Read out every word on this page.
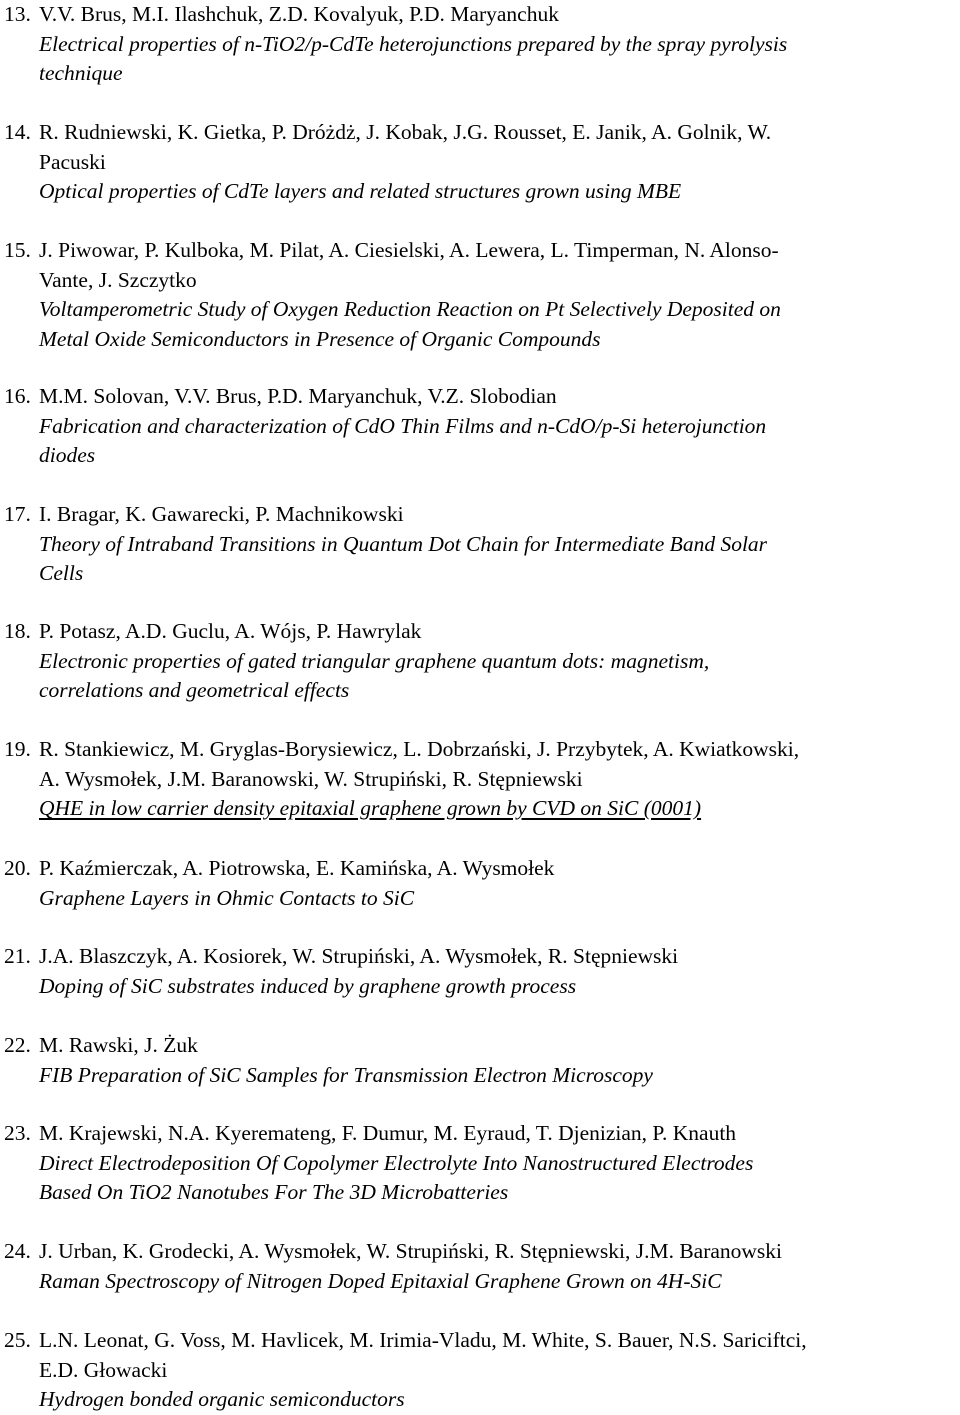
13. V.V. Brus, M.I. Ilashchuk, Z.D. Kovalyuk, P.D. Maryanchuk
Electrical properties of n-TiO2/p-CdTe heterojunctions prepared by the spray pyrolysis
technique
14. R. Rudniewski, K. Gietka, P. Dróżdż, J. Kobak, J.G. Rousset, E. Janik, A. Golnik, W.
Pacuski
Optical properties of CdTe layers and related structures grown using MBE
15. J. Piwowar, P. Kulboka, M. Pilat, A. Ciesielski, A. Lewera, L. Timperman, N. Alonso-
Vante, J. Szczytko
Voltamperometric Study of Oxygen Reduction Reaction on Pt Selectively Deposited on
Metal Oxide Semiconductors in Presence of Organic Compounds
16. M.M. Solovan, V.V. Brus, P.D. Maryanchuk, V.Z. Slobodian
Fabrication and characterization of CdO Thin Films and n-CdO/p-Si heterojunction
diodes
17. I. Bragar, K. Gawarecki, P. Machnikowski
Theory of Intraband Transitions in Quantum Dot Chain for Intermediate Band Solar
Cells
18. P. Potasz, A.D. Guclu, A. Wójs, P. Hawrylak
Electronic properties of gated triangular graphene quantum dots: magnetism,
correlations and geometrical effects
19. R. Stankiewicz, M. Gryglas-Borysiewicz, L. Dobrzański, J. Przybytek, A. Kwiatkowski,
A. Wysmołek, J.M. Baranowski, W. Strupiński, R. Stępniewski
QHE in low carrier density epitaxial graphene grown by CVD on SiC (0001)
20. P. Kaźmierczak, A. Piotrowska, E. Kamińska, A. Wysmołek
Graphene Layers in Ohmic Contacts to SiC
21. J.A. Blaszczyk, A. Kosiorek, W. Strupiński, A. Wysmołek, R. Stępniewski
Doping of SiC substrates induced by graphene growth process
22. M. Rawski, J. Żuk
FIB Preparation of SiC Samples for Transmission Electron Microscopy
23. M. Krajewski, N.A. Kyeremateng, F. Dumur, M. Eyraud, T. Djenizian, P. Knauth
Direct Electrodeposition Of Copolymer Electrolyte Into Nanostructured Electrodes
Based On TiO2 Nanotubes For The 3D Microbatteries
24. J. Urban, K. Grodecki, A. Wysmołek, W. Strupiński, R. Stępniewski, J.M. Baranowski
Raman Spectroscopy of Nitrogen Doped Epitaxial Graphene Grown on 4H-SiC
25. L.N. Leonat, G. Voss, M. Havlicek, M. Irimia-Vladu, M. White, S. Bauer, N.S. Sariciftci,
E.D. Głowacki
Hydrogen bonded organic semiconductors
